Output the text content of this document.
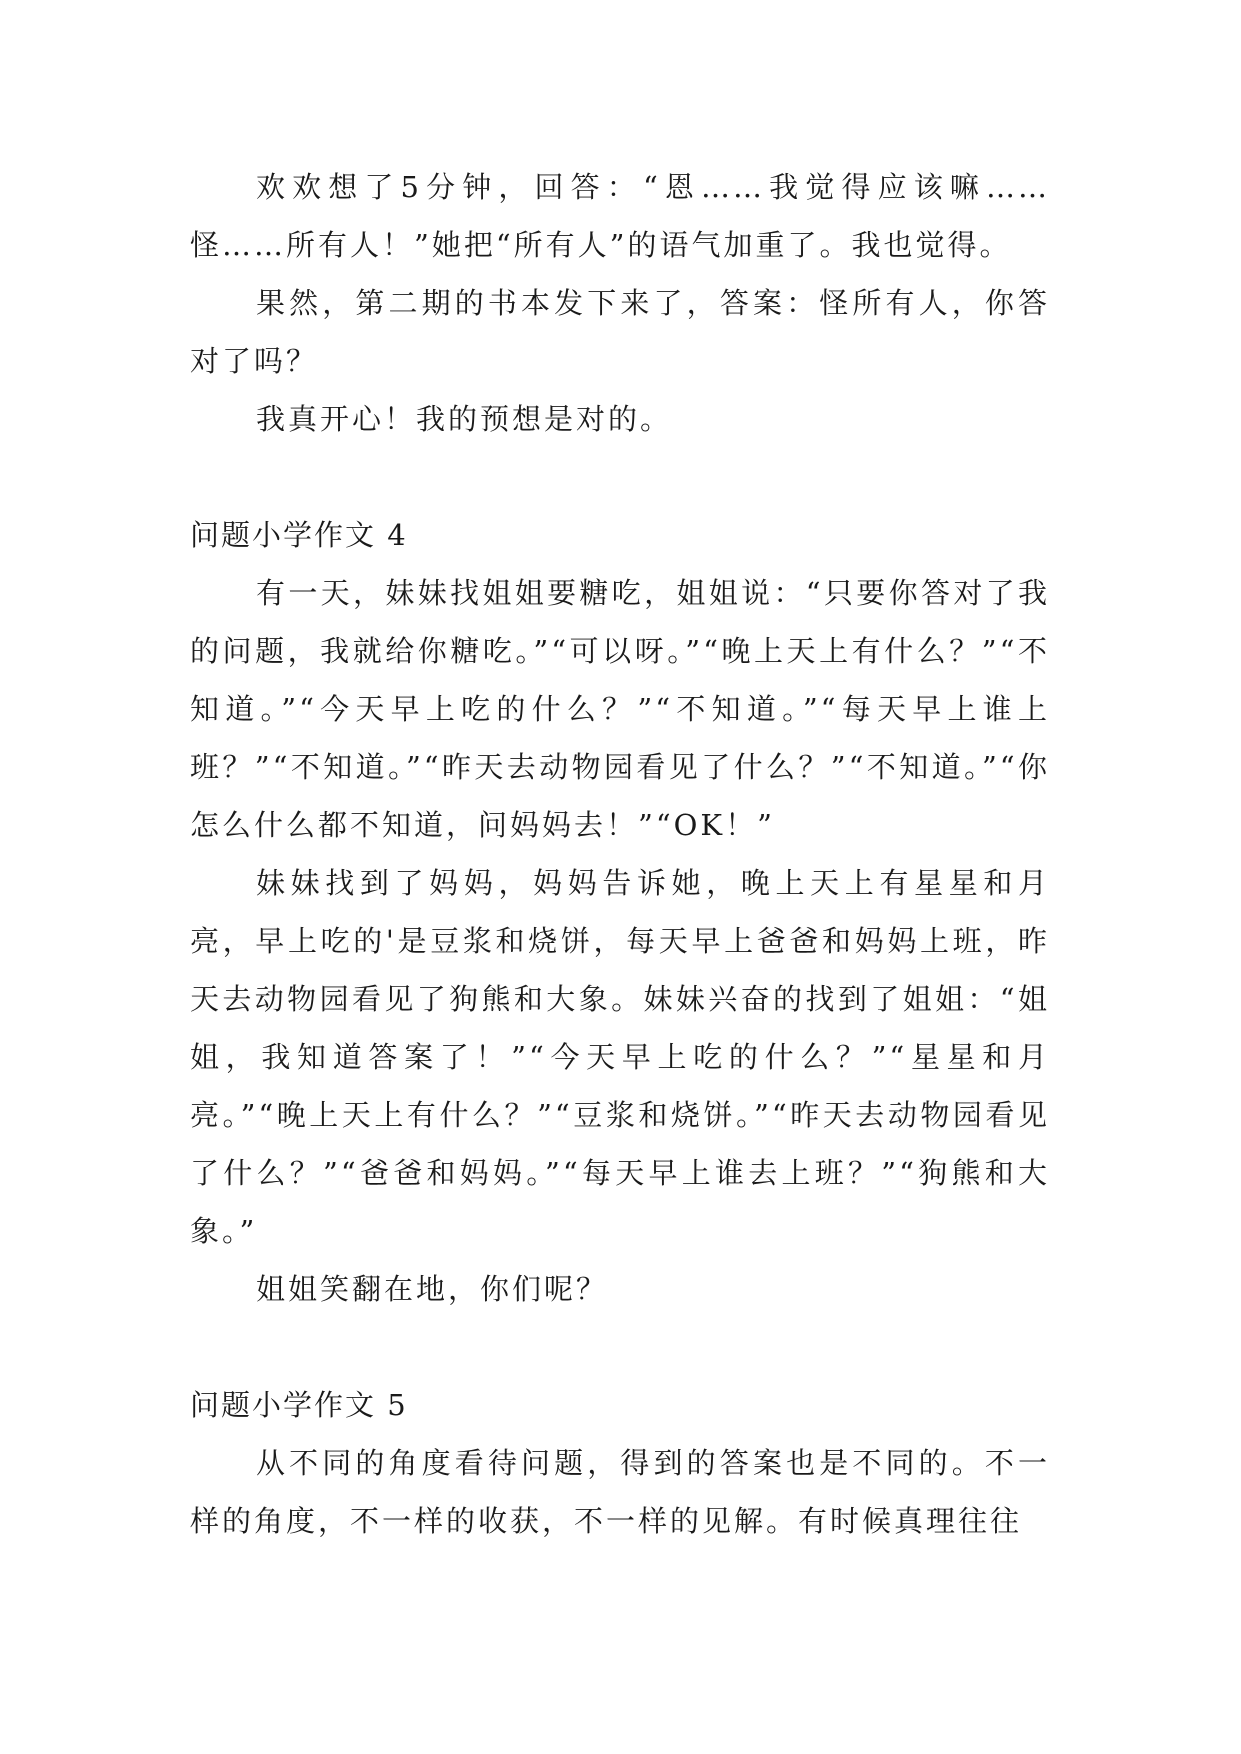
欢欢想了5分钟，回答：“恩……我觉得应该嘛……怪……所有人！”她把“所有人”的语气加重了。我也觉得。

果然，第二期的书本发下来了，答案：怪所有人，你答对了吗？

我真开心！我的预想是对的。

问题小学作文 4

有一天，妹妹找姐姐要糖吃，姐姐说：“只要你答对了我的问题，我就给你糖吃。”“可以呀。”“晚上天上有什么？”“不知道。”“今天早上吃的什么？”“不知道。”“每天早上谁上班？”“不知道。”“昨天去动物园看见了什么？”“不知道。”“你怎么什么都不知道，问妈妈去！”“OK！”

妹妹找到了妈妈，妈妈告诉她，晚上天上有星星和月亮，早上吃的'是豆浆和烧饼，每天早上爸爸和妈妈上班，昨天去动物园看见了狗熊和大象。妹妹兴奋的找到了姐姐：“姐姐，我知道答案了！”“今天早上吃的什么？”“星星和月亮。”“晚上天上有什么？”“豆浆和烧饼。”“昨天去动物园看见了什么？”“爸爸和妈妈。”“每天早上谁去上班？”“狗熊和大象。”

姐姐笑翻在地，你们呢？

问题小学作文 5

从不同的角度看待问题，得到的答案也是不同的。不一样的角度，不一样的收获，不一样的见解。有时候真理往往
